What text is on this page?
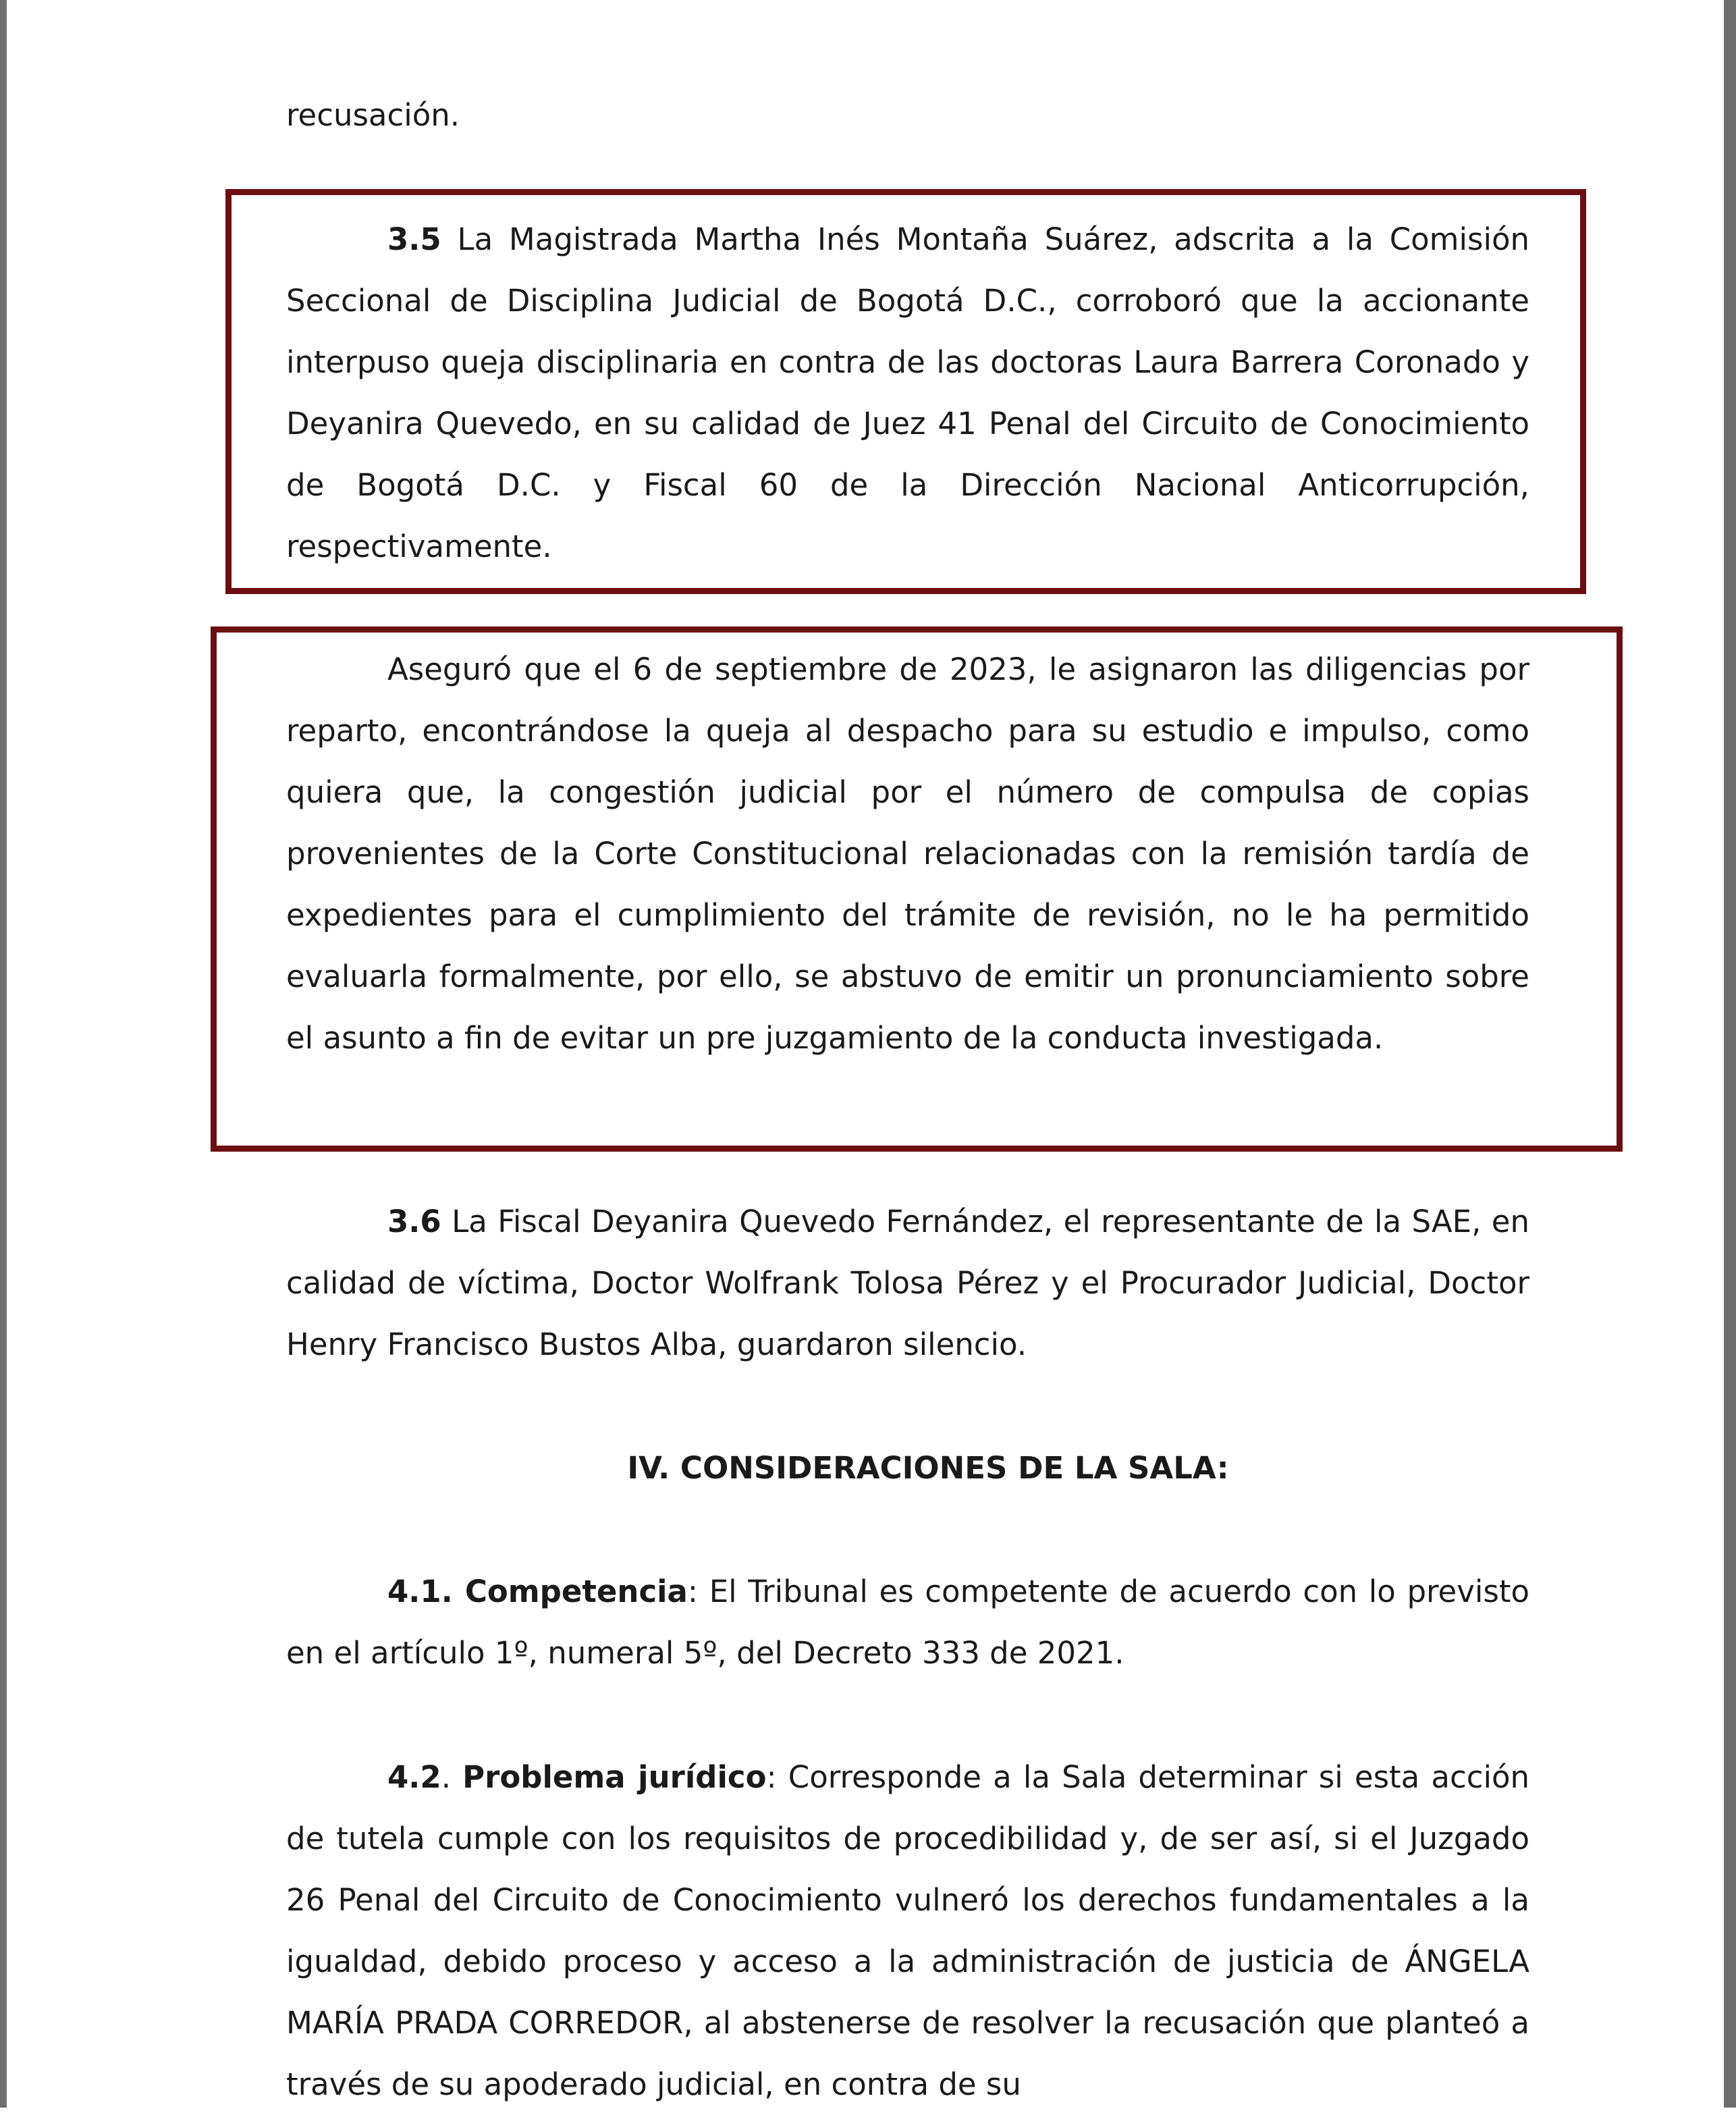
recusación.

3.5 La Magistrada Martha Inés Montaña Suárez, adscrita a la Comisión Seccional de Disciplina Judicial de Bogotá D.C., corroboró que la accionante interpuso queja disciplinaria en contra de las doctoras Laura Barrera Coronado y Deyanira Quevedo, en su calidad de Juez 41 Penal del Circuito de Conocimiento de Bogotá D.C. y Fiscal 60 de la Dirección Nacional Anticorrupción, respectivamente.

Aseguró que el 6 de septiembre de 2023, le asignaron las diligencias por reparto, encontrándose la queja al despacho para su estudio e impulso, como quiera que, la congestión judicial por el número de compulsa de copias provenientes de la Corte Constitucional relacionadas con la remisión tardía de expedientes para el cumplimiento del trámite de revisión, no le ha permitido evaluarla formalmente, por ello, se abstuvo de emitir un pronunciamiento sobre el asunto a fin de evitar un pre juzgamiento de la conducta investigada.

3.6 La Fiscal Deyanira Quevedo Fernández, el representante de la SAE, en calidad de víctima, Doctor Wolfrank Tolosa Pérez y el Procurador Judicial, Doctor Henry Francisco Bustos Alba, guardaron silencio.

IV. CONSIDERACIONES DE LA SALA:

4.1. Competencia: El Tribunal es competente de acuerdo con lo previsto en el artículo 1º, numeral 5º, del Decreto 333 de 2021.

4.2. Problema jurídico: Corresponde a la Sala determinar si esta acción de tutela cumple con los requisitos de procedibilidad y, de ser así, si el Juzgado 26 Penal del Circuito de Conocimiento vulneró los derechos fundamentales a la igualdad, debido proceso y acceso a la administración de justicia de ÁNGELA MARÍA PRADA CORREDOR, al abstenerse de resolver la recusación que planteó a través de su apoderado judicial, en contra de su
